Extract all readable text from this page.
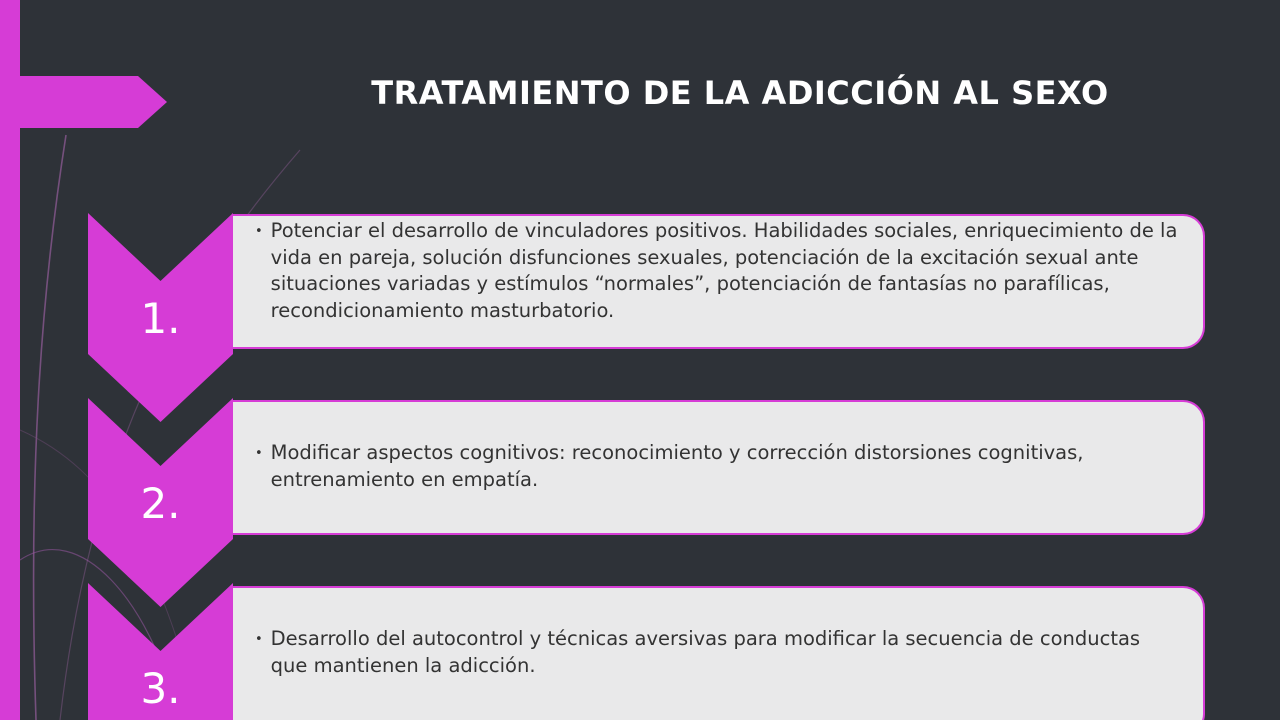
TRATAMIENTO DE LA ADICCIÓN AL SEXO
1.
• Potenciar el desarrollo de vinculadores positivos. Habilidades sociales, enriquecimiento de la vida en pareja, solución disfunciones sexuales, potenciación de la excitación sexual ante situaciones variadas y estímulos “normales”, potenciación de fantasías no parafílicas, recondicionamiento masturbatorio.
2.
• Modificar aspectos cognitivos: reconocimiento y corrección distorsiones cognitivas, entrenamiento en empatía.
3.
• Desarrollo del autocontrol y técnicas aversivas para modificar la secuencia de conductas que mantienen la adicción.
